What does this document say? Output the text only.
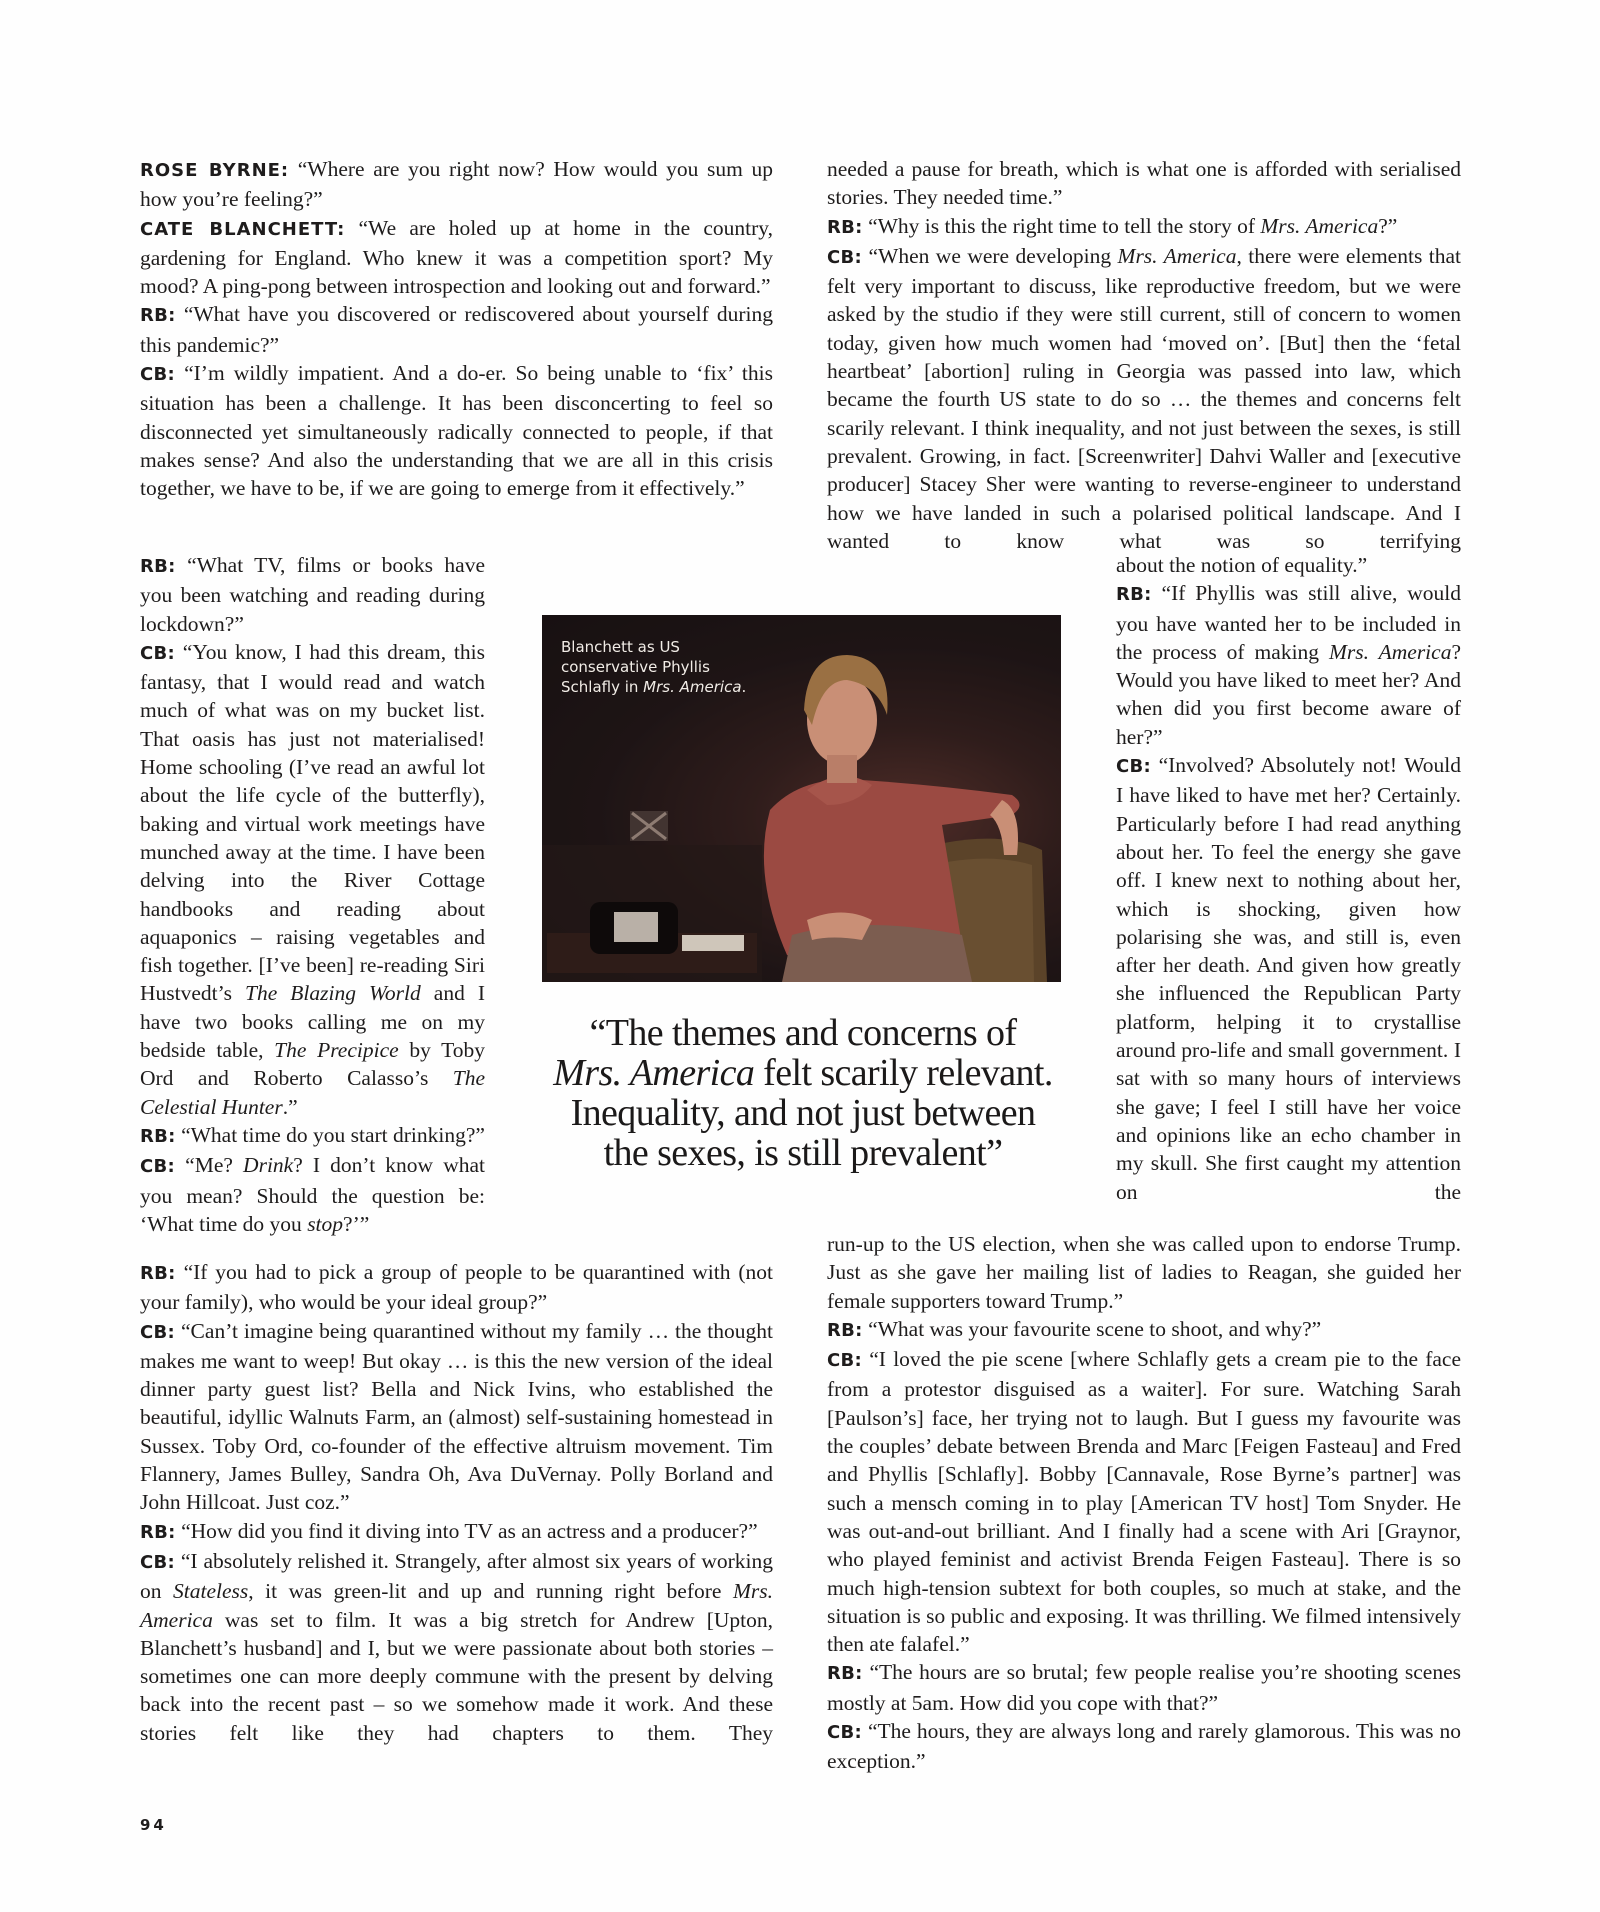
ROSE BYRNE: “Where are you right now? How would you sum up how you’re feeling?”

CATE BLANCHETT: “We are holed up at home in the country, gardening for England. Who knew it was a competition sport? My mood? A ping-pong between introspection and looking out and forward.”

RB: “What have you discovered or rediscovered about yourself during this pandemic?”

CB: “I’m wildly impatient. And a do-er. So being unable to ‘fix’ this situation has been a challenge. It has been disconcerting to feel so disconnected yet simultaneously radically connected to people, if that makes sense? And also the understanding that we are all in this crisis together, we have to be, if we are going to emerge from it effectively.”

RB: “What TV, films or books have you been watching and reading during lockdown?”

CB: “You know, I had this dream, this fantasy, that I would read and watch much of what was on my bucket list. That oasis has just not materialised! Home schooling (I’ve read an awful lot about the life cycle of the butterfly), baking and virtual work meetings have munched away at the time. I have been delving into the River Cottage handbooks and reading about aquaponics – raising vegetables and fish together. [I’ve been] re-reading Siri Hustvedt’s The Blazing World and I have two books calling me on my bedside table, The Precipice by Toby Ord and Roberto Calasso’s The Celestial Hunter.”

RB: “What time do you start drinking?”

CB: “Me? Drink? I don’t know what you mean? Should the question be: ‘What time do you stop?’”

RB: “If you had to pick a group of people to be quarantined with (not your family), who would be your ideal group?”

CB: “Can’t imagine being quarantined without my family … the thought makes me want to weep! But okay … is this the new version of the ideal dinner party guest list? Bella and Nick Ivins, who established the beautiful, idyllic Walnuts Farm, an (almost) self-sustaining homestead in Sussex. Toby Ord, co-founder of the effective altruism movement. Tim Flannery, James Bulley, Sandra Oh, Ava DuVernay. Polly Borland and John Hillcoat. Just coz.”

RB: “How did you find it diving into TV as an actress and a producer?”

CB: “I absolutely relished it. Strangely, after almost six years of working on Stateless, it was green-lit and up and running right before Mrs. America was set to film. It was a big stretch for Andrew [Upton, Blanchett’s husband] and I, but we were passionate about both stories – sometimes one can more deeply commune with the present by delving back into the recent past – so we somehow made it work. And these stories felt like they had chapters to them. They

needed a pause for breath, which is what one is afforded with serialised stories. They needed time.”

RB: “Why is this the right time to tell the story of Mrs. America?”

CB: “When we were developing Mrs. America, there were elements that felt very important to discuss, like reproductive freedom, but we were asked by the studio if they were still current, still of concern to women today, given how much women had ‘moved on’. [But] then the ‘fetal heartbeat’ [abortion] ruling in Georgia was passed into law, which became the fourth US state to do so … the themes and concerns felt scarily relevant. I think inequality, and not just between the sexes, is still prevalent. Growing, in fact. [Screenwriter] Dahvi Waller and [executive producer] Stacey Sher were wanting to reverse-engineer to understand how we have landed in such a polarised political landscape. And I wanted to know what was so terrifying

about the notion of equality.”

RB: “If Phyllis was still alive, would you have wanted her to be included in the process of making Mrs. America? Would you have liked to meet her? And when did you first become aware of her?”

CB: “Involved? Absolutely not! Would I have liked to have met her? Certainly. Particularly before I had read anything about her. To feel the energy she gave off. I knew next to nothing about her, which is shocking, given how polarising she was, and still is, even after her death. And given how greatly she influenced the Republican Party platform, helping it to crystallise around pro-life and small government. I sat with so many hours of interviews she gave; I feel I still have her voice and opinions like an echo chamber in my skull. She first caught my attention on the

run-up to the US election, when she was called upon to endorse Trump. Just as she gave her mailing list of ladies to Reagan, she guided her female supporters toward Trump.”

RB: “What was your favourite scene to shoot, and why?”

CB: “I loved the pie scene [where Schlafly gets a cream pie to the face from a protestor disguised as a waiter]. For sure. Watching Sarah [Paulson’s] face, her trying not to laugh. But I guess my favourite was the couples’ debate between Brenda and Marc [Feigen Fasteau] and Fred and Phyllis [Schlafly]. Bobby [Cannavale, Rose Byrne’s partner] was such a mensch coming in to play [American TV host] Tom Snyder. He was out-and-out brilliant. And I finally had a scene with Ari [Graynor, who played feminist and activist Brenda Feigen Fasteau]. There is so much high-tension subtext for both couples, so much at stake, and the situation is so public and exposing. It was thrilling. We filmed intensively then ate falafel.”

RB: “The hours are so brutal; few people realise you’re shooting scenes mostly at 5am. How did you cope with that?”

CB: “The hours, they are always long and rarely glamorous. This was no exception.”

Blanchett as US
conservative Phyllis
Schlafly in Mrs. America.
“The themes and concerns of
Mrs. America felt scarily relevant.
Inequality, and not just between
the sexes, is still prevalent”
94
